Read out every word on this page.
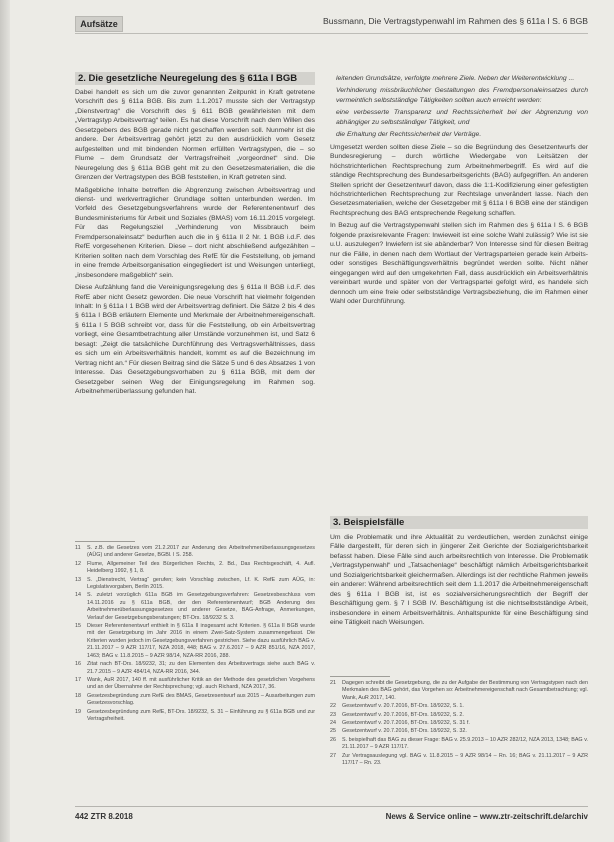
Aufsätze	Bussmann, Die Vertragstypenwahl im Rahmen des § 611a I S. 6 BGB
2. Die gesetzliche Neuregelung des § 611a I BGB

Dabei handelt es sich um die zuvor genannten Zeitpunkt in Kraft getretene Vorschrift des § 611a BGB. Bis zum 1.1.2017 musste sich der Vertragstyp „Dienstvertrag“ die Vorschrift des § 611 BGB gewährleisten mit dem „Vertragstyp Arbeitsvertrag“ teilen. Es hat diese Vorschrift nach dem Willen des Gesetzgebers des BGB gerade nicht geschaffen werden soll. Nunmehr ist die andere. Der Arbeitsvertrag gehört jetzt zu den ausdrücklich vom Gesetz aufgestellten und mit bindenden Normen erfüllten Vertragstypen, die – so Flume – dem Grundsatz der Vertragsfreiheit „vorgeordnet“ sind. Die Neuregelung des § 611a BGB geht mit zu den Gesetzesmaterialien, die die Grenzen der Vertragstypen des BGB feststellen, in Kraft getreten sind.

Maßgebliche Inhalte betreffen die Abgrenzung zwischen Arbeitsvertrag und dienst- und werkvertraglicher Grundlage sollten unterbunden werden. Im Vorfeld des Gesetzgebungsverfahrens wurde der Referentenentwurf des Bundesministeriums für Arbeit und Soziales (BMAS) vom 16.11.2015 vorgelegt. Für das Regelungsziel „Verhinderung von Missbrauch beim Fremdpersonaleinsatz“ bedurften auch die in § 611a II 2 Nr. 1 BGB i.d.F. des RefE vorgesehenen Kriterien. Diese – dort nicht abschließend aufgezählten – Kriterien sollten nach dem Vorschlag des RefE für die Feststellung, ob jemand in eine fremde Arbeitsorganisation eingegliedert ist und Weisungen unterliegt, „insbesondere maßgeblich“ sein.

Diese Aufzählung fand die Vereinigungsregelung des § 611a II BGB i.d.F. des RefE aber nicht Gesetz geworden. Die neue Vorschrift hat vielmehr folgenden Inhalt: In § 611a I 1 BGB wird der Arbeitsvertrag definiert. Die Sätze 2 bis 4 des § 611a I BGB erläutern Elemente und Merkmale der Arbeitnehmereigenschaft. § 611a I 5 BGB schreibt vor, dass für die Feststellung, ob ein Arbeitsvertrag vorliegt, eine Gesamtbetrachtung aller Umstände vorzunehmen ist, und Satz 6 besagt: „Zeigt die tatsächliche Durchführung des Vertragsverhältnisses, dass es sich um ein Arbeitsverhältnis handelt, kommt es auf die Bezeichnung im Vertrag nicht an.“ Für diesen Beitrag sind die Sätze 5 und 6 des Absatzes 1 von Interesse. Das Gesetzgebungsvorhaben zu § 611a BGB, mit dem der Gesetzgeber seinen Weg der Einigungsregelung im Rahmen sog. Arbeitnehmerüberlassung gefunden hat.

leitenden Grundsätze, verfolgte mehrere Ziele. Neben der Weiterentwicklung ...

Verhinderung missbräuchlicher Gestaltungen des Fremdpersonaleinsatzes durch vermeintlich selbstständige Tätigkeiten sollten auch erreicht werden:

eine verbesserte Transparenz und Rechtssicherheit bei der Abgrenzung von abhängiger zu selbstständiger Tätigkeit, und

die Erhaltung der Rechtssicherheit der Verträge.

Umgesetzt werden sollten diese Ziele – so die Begründung des Gesetzentwurfs der Bundesregierung – durch wörtliche Wiedergabe von Leitsätzen der höchstrichterlichen Rechtsprechung zum Arbeitnehmerbegriff. Es wird auf die ständige Rechtsprechung des Bundesarbeitsgerichts (BAG) aufgegriffen. An anderen Stellen spricht der Gesetzentwurf davon, dass die 1:1-Kodifizierung einer gefestigten höchstrichterlichen Rechtsprechung zur Rechtslage unverändert lasse. Nach den Gesetzesmaterialien, welche der Gesetzgeber mit § 611a I 6 BGB eine der ständigen Rechtsprechung des BAG entsprechende Regelung schaffen.

In Bezug auf die Vertragstypenwahl stellen sich im Rahmen des § 611a I S. 6 BGB folgende praxisrelevante Fragen: Inwieweit ist eine solche Wahl zulässig? Wie ist sie u.U. auszulegen? Inwiefern ist sie abänderbar? Von Interesse sind für diesen Beitrag nur die Fälle, in denen nach dem Wortlaut der Vertragsparteien gerade kein Arbeits- oder sonstiges Beschäftigungsverhältnis begründet werden sollte. Nicht näher eingegangen wird auf den umgekehrten Fall, dass ausdrücklich ein Arbeitsverhältnis vereinbart wurde und später von der Vertragspartei gefolgt wird, es handele sich dennoch um eine freie oder selbstständige Vertragsbeziehung, die im Rahmen einer Wahl oder Durchführung.

3. Beispielsfälle

Um die Problematik und ihre Aktualität zu verdeutlichen, werden zunächst einige Fälle dargestellt, für deren sich in jüngerer Zeit Gerichte der Sozialgerichtsbarkeit befasst haben. Diese Fälle sind auch arbeitsrechtlich von Interesse. Die Problematik „Vertragstypenwahl“ und „Tatsachenlage“ beschäftigt nämlich Arbeitsgerichtsbarkeit und Sozialgerichtsbarkeit gleichermaßen. Allerdings ist der rechtliche Rahmen jeweils ein anderer: Während arbeitsrechtlich seit dem 1.1.2017 die Arbeitnehmereigenschaft des § 611a I BGB ist, ist es sozialversicherungsrechtlich der Begriff der Beschäftigung gem. § 7 I SGB IV. Beschäftigung ist die nichtselbstständige Arbeit, insbesondere in einem Arbeitsverhältnis. Anhaltspunkte für eine Beschäftigung sind eine Tätigkeit nach Weisungen.

11	S. z.B. die Gesetzes vom 21.2.2017 zur Änderung des Arbeitnehmerüberlassungsgesetzes (AÜG) und anderer Gesetze, BGBl. I S. 258.
12	Flume, Allgemeiner Teil des Bürgerlichen Rechts, 2. Bd., Das Rechtsgeschäft, 4. Aufl. Heidelberg 1992, § 1, 8.
13	S. „Dienstrecht, Vertrag“ gerufen; kein Vorschlag zwischen, Lf. K. RefE zum AÜG, in: Legislativvorgaben, Berlin 2015.
14	S. zuletzt vorzüglich 611a BGB im Gesetzgebungsverfahren: Gesetzesbeschluss vom 14.11.2016 zu § 611a BGB, der den Referentenentwurf; BGB Anderung des Arbeitnehmerüberlassungsgesetzes und anderer Gesetze, BAG-Anfrage, Anmerkungen, Verlauf der Gesetzgebungsberatungen; BT-Drs. 18/9232 S. 3.
15	Dieser Referentenentwurf enthielt in § 611a II insgesamt acht Kriterien. § 611a II BGB wurde mit der Gesetzgebung im Jahr 2016 in einem Zwei-Satz-System zusammengefasst. Die Kriterien wurden jedoch im Gesetzgebungsverfahren gestrichen. Siehe dazu ausführlich BAG v. 21.11.2017 – 9 AZR 117/17, NZA 2018, 448; BAG v. 27.6.2017 – 9 AZR 851/16, NZA 2017, 1463; BAG v. 11.8.2015 – 9 AZR 98/14, NZA-RR 2016, 288.
16	Zitat nach BT-Drs. 18/9232, 31; zu den Elementen des Arbeitsvertrags siehe auch BAG v. 21.7.2015 – 9 AZR 484/14, NZA-RR 2016, 344.
17	Wank, AuR 2017, 140 ff. mit ausführlicher Kritik an der Methode des gesetzlichen Vorgehens und an der Übernahme der Rechtsprechung; vgl. auch Richardi, NZA 2017, 36.
18	Gesetzesbegründung zum RefE des BMAS, Gesetzesentwurf aus 2015 – Ausarbeitungen zum Gesetzesvorschlag.
19	Gesetzesbegründung zum RefE, BT-Drs. 18/9232, S. 31 – Einführung zu § 611a BGB und zur Vertragsfreiheit.
21	Dagegen schreibt die Gesetzgebung, die zu der Aufgabe der Bestimmung von Vertragstypen nach den Merkmalen des BAG gehört, das Vorgehen so: Arbeitnehmereigenschaft nach Gesamtbetrachtung; vgl. Wank, AuR 2017, 140.
22	Gesetzentwurf v. 20.7.2016, BT-Drs. 18/9232, S. 1.
23	Gesetzentwurf v. 20.7.2016, BT-Drs. 18/9232, S. 2.
24	Gesetzentwurf v. 20.7.2016, BT-Drs. 18/9232, S. 31 f.
25	Gesetzentwurf v. 20.7.2016, BT-Drs. 18/9232, S. 32.
26	S. beispielhaft das BAG zu dieser Frage: BAG v. 25.9.2013 – 10 AZR 282/12, NZA 2013, 1348; BAG v. 21.11.2017 – 9 AZR 117/17.
27	Zur Vertragsauslegung vgl. BAG v. 11.8.2015 – 9 AZR 98/14 – Rn. 16; BAG v. 21.11.2017 – 9 AZR 117/17 – Rn. 23.
442 ZTR 8.2018	News & Service online – www.ztr-zeitschrift.de/archiv
